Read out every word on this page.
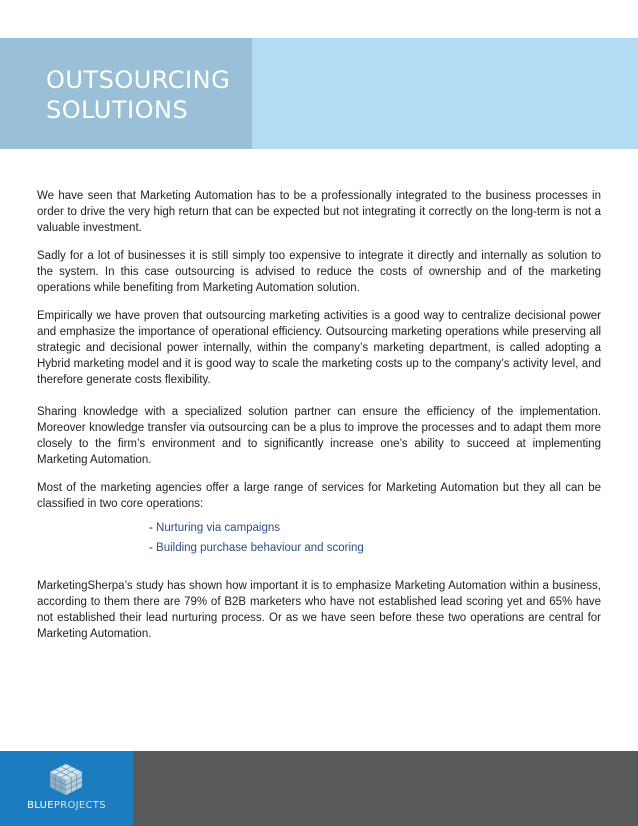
OUTSOURCING
SOLUTIONS

We have seen that Marketing Automation has to be a professionally integrated to the business processes in order to drive the very high return that can be expected but not integrating it correctly on the long-term is not a valuable investment.

Sadly for a lot of businesses it is still simply too expensive to integrate it directly and internally as solution to the system. In this case outsourcing is advised to reduce the costs of ownership and of the marketing operations while benefiting from Marketing Automation solution.

Empirically we have proven that outsourcing marketing activities is a good way to centralize decisional power and emphasize the importance of operational efficiency. Outsourcing marketing operations while preserving all strategic and decisional power internally, within the company’s marketing department, is called adopting a Hybrid marketing model and it is good way to scale the marketing costs up to the company’s activity level, and therefore generate costs flexibility.

Sharing knowledge with a specialized solution partner can ensure the efficiency of the implementation. Moreover knowledge transfer via outsourcing can be a plus to improve the processes and to adapt them more closely to the firm’s environment and to significantly increase one’s ability to succeed at implementing Marketing Automation.

Most of the marketing agencies offer a large range of services for Marketing Automation but they all can be classified in two core operations:

- Nurturing via campaigns
- Building purchase behaviour and scoring

MarketingSherpa’s study has shown how important it is to emphasize Marketing Automation within a business, according to them there are 79% of B2B marketers who have not established lead scoring yet and 65% have not established their lead nurturing process. Or as we have seen before these two operations are central for Marketing Automation.

BLUEPROJECTS
